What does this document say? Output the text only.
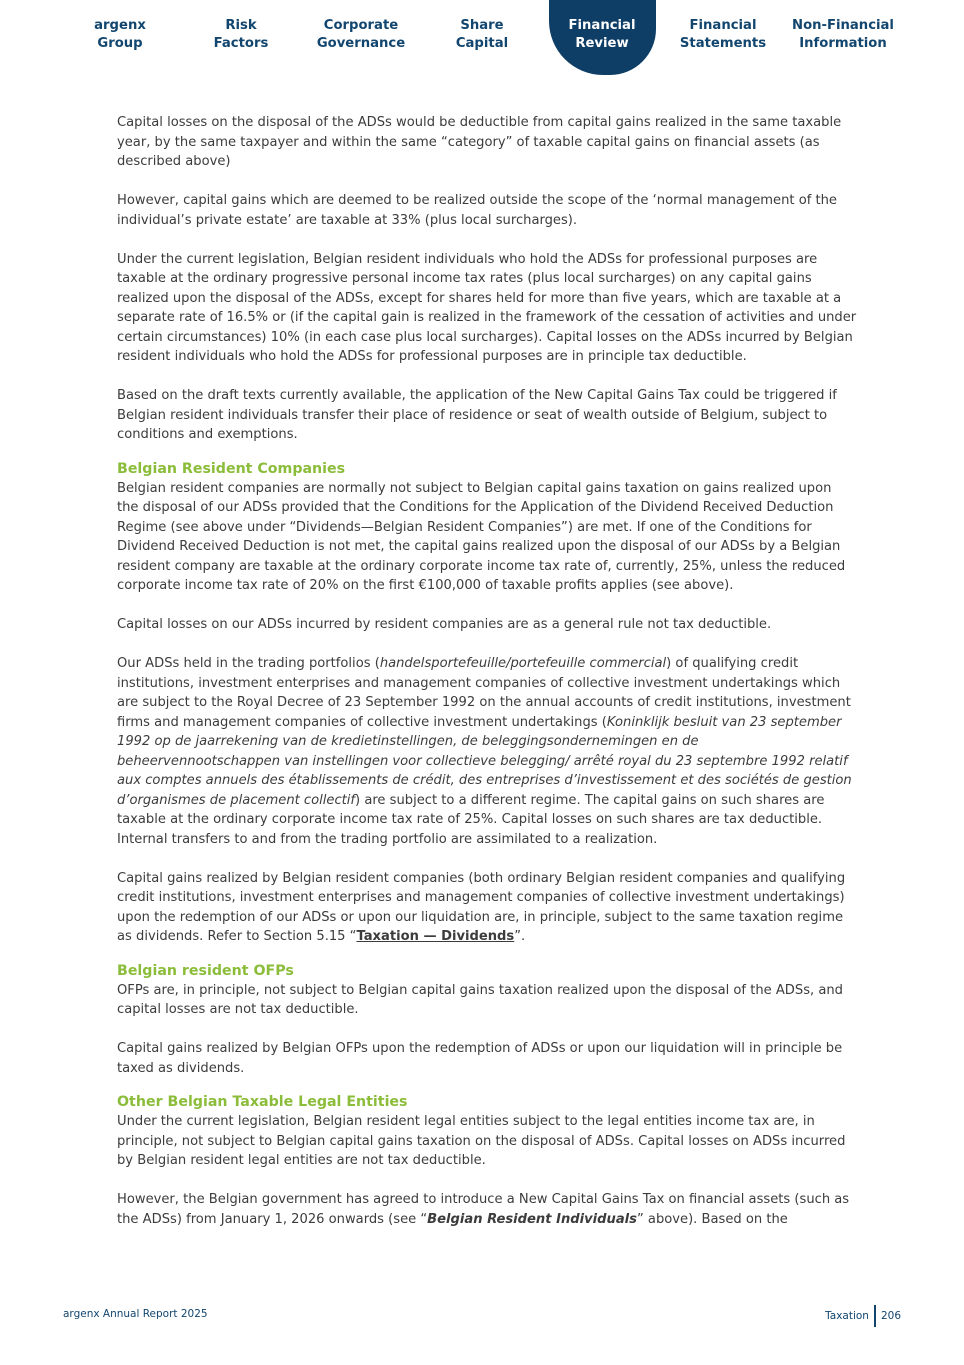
argenx
Group
Risk
Factors
Corporate
Governance
Share
Capital
Financial
Review
Financial
Statements
Non-Financial
Information

Capital losses on the disposal of the ADSs would be deductible from capital gains realized in the same taxable year, by the same taxpayer and within the same “category” of taxable capital gains on financial assets (as described above)

However, capital gains which are deemed to be realized outside the scope of the ‘normal management of the individual’s private estate’ are taxable at 33% (plus local surcharges).

Under the current legislation, Belgian resident individuals who hold the ADSs for professional purposes are taxable at the ordinary progressive personal income tax rates (plus local surcharges) on any capital gains realized upon the disposal of the ADSs, except for shares held for more than five years, which are taxable at a separate rate of 16.5% or (if the capital gain is realized in the framework of the cessation of activities and under certain circumstances) 10% (in each case plus local surcharges). Capital losses on the ADSs incurred by Belgian resident individuals who hold the ADSs for professional purposes are in principle tax deductible.

Based on the draft texts currently available, the application of the New Capital Gains Tax could be triggered if Belgian resident individuals transfer their place of residence or seat of wealth outside of Belgium, subject to conditions and exemptions.

Belgian Resident Companies

Belgian resident companies are normally not subject to Belgian capital gains taxation on gains realized upon the disposal of our ADSs provided that the Conditions for the Application of the Dividend Received Deduction Regime (see above under “Dividends—Belgian Resident Companies”) are met. If one of the Conditions for Dividend Received Deduction is not met, the capital gains realized upon the disposal of our ADSs by a Belgian resident company are taxable at the ordinary corporate income tax rate of, currently, 25%, unless the reduced corporate income tax rate of 20% on the first €100,000 of taxable profits applies (see above).

Capital losses on our ADSs incurred by resident companies are as a general rule not tax deductible.

Our ADSs held in the trading portfolios (handelsportefeuille/portefeuille commercial) of qualifying credit institutions, investment enterprises and management companies of collective investment undertakings which are subject to the Royal Decree of 23 September 1992 on the annual accounts of credit institutions, investment firms and management companies of collective investment undertakings (Koninklijk besluit van 23 september 1992 op de jaarrekening van de kredietinstellingen, de beleggingsondernemingen en de beheervennootschappen van instellingen voor collectieve belegging/ arrêté royal du 23 septembre 1992 relatif aux comptes annuels des établissements de crédit, des entreprises d’investissement et des sociétés de gestion d’organismes de placement collectif) are subject to a different regime. The capital gains on such shares are taxable at the ordinary corporate income tax rate of 25%. Capital losses on such shares are tax deductible. Internal transfers to and from the trading portfolio are assimilated to a realization.

Capital gains realized by Belgian resident companies (both ordinary Belgian resident companies and qualifying credit institutions, investment enterprises and management companies of collective investment undertakings) upon the redemption of our ADSs or upon our liquidation are, in principle, subject to the same taxation regime as dividends. Refer to Section 5.15 “Taxation — Dividends”.

Belgian resident OFPs

OFPs are, in principle, not subject to Belgian capital gains taxation realized upon the disposal of the ADSs, and capital losses are not tax deductible.

Capital gains realized by Belgian OFPs upon the redemption of ADSs or upon our liquidation will in principle be taxed as dividends.

Other Belgian Taxable Legal Entities

Under the current legislation, Belgian resident legal entities subject to the legal entities income tax are, in principle, not subject to Belgian capital gains taxation on the disposal of ADSs. Capital losses on ADSs incurred by Belgian resident legal entities are not tax deductible.

However, the Belgian government has agreed to introduce a New Capital Gains Tax on financial assets (such as the ADSs) from January 1, 2026 onwards (see “Belgian Resident Individuals” above). Based on the

argenx Annual Report 2025	Taxation 206
